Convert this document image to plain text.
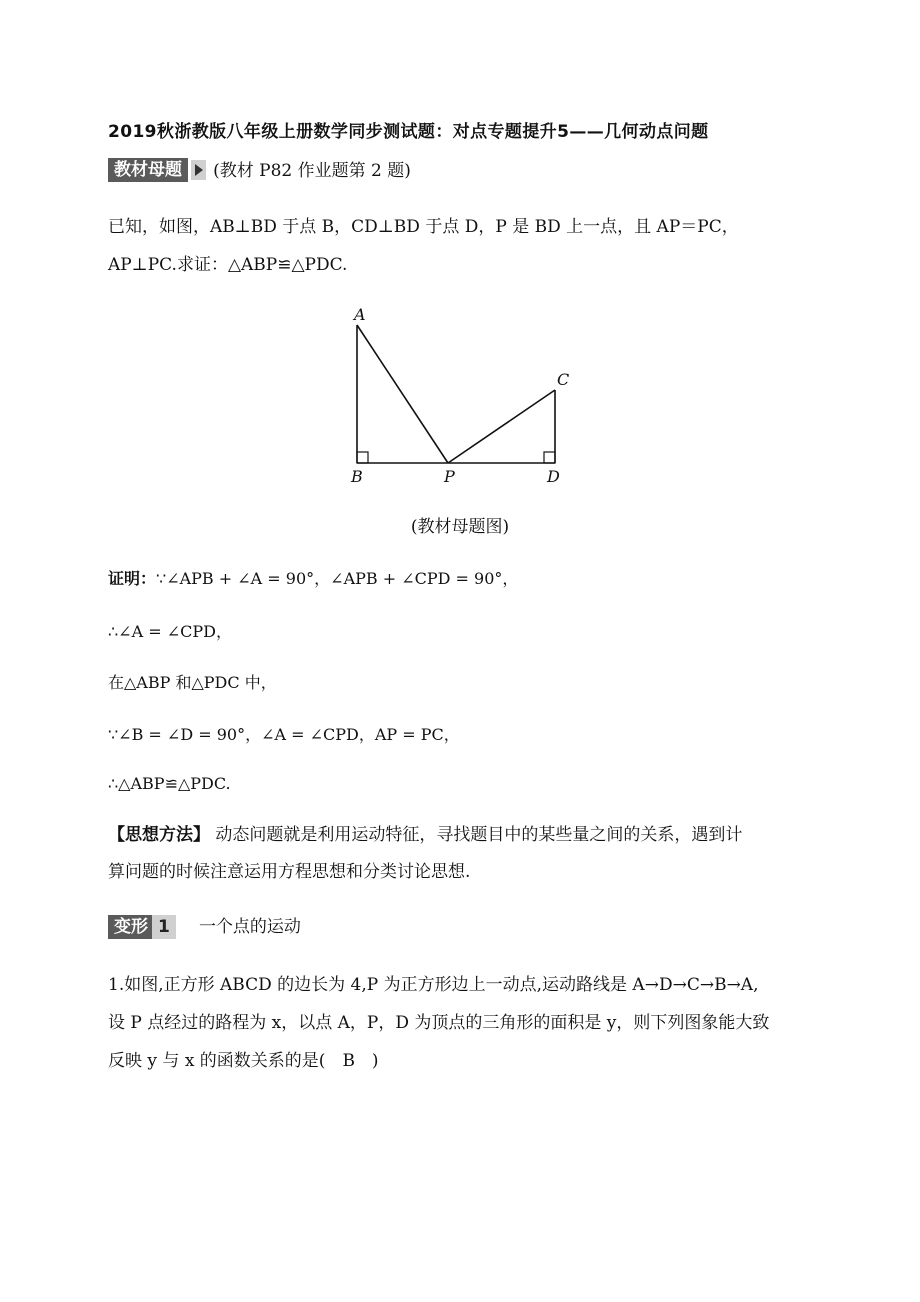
2019秋浙教版八年级上册数学同步测试题：对点专题提升5——几何动点问题
教材母题 (教材 P82 作业题第 2 题)
已知，如图，AB⊥BD 于点 B，CD⊥BD 于点 D，P 是 BD 上一点，且 AP＝PC，
AP⊥PC.求证：△ABP≌△PDC.
A
B
C
D
P
(教材母题图)
证明：∵∠APB + ∠A = 90°，∠APB + ∠CPD = 90°，
∴∠A = ∠CPD，
在△ABP 和△PDC 中，
∵∠B = ∠D = 90°，∠A = ∠CPD，AP = PC，
∴△ABP≌△PDC.
【思想方法】 动态问题就是利用运动特征，寻找题目中的某些量之间的关系，遇到计
算问题的时候注意运用方程思想和分类讨论思想.
变形 1 一个点的运动
1.如图,正方形 ABCD 的边长为 4,P 为正方形边上一动点,运动路线是 A→D→C→B→A,
设 P 点经过的路程为 x，以点 A，P，D 为顶点的三角形的面积是 y，则下列图象能大致
反映 y 与 x 的函数关系的是(　B　)
